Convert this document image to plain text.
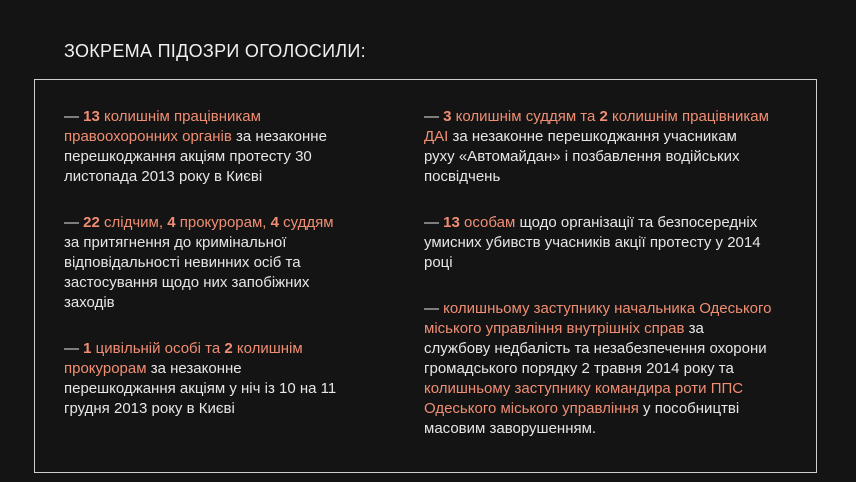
ЗОКРЕМА ПІДОЗРИ ОГОЛОСИЛИ:
— 13 колишнім працівникам
правоохоронних органів за незаконне
перешкоджання акціям протесту 30
листопада 2013 року в Києві
— 22 слідчим, 4 прокурорам, 4 суддям
за притягнення до кримінальної
відповідальності невинних осіб та
застосування щодо них запобіжних
заходів
— 1 цивільній особі та 2 колишнім
прокурорам за незаконне
перешкоджання акціям у ніч із 10 на 11
грудня 2013 року в Києві
— 3 колишнім суддям та 2 колишнім працівникам
ДАІ за незаконне перешкоджання учасникам
руху «Автомайдан» і позбавлення водійських
посвідчень
— 13 особам щодо організації та безпосередніх
умисних убивств учасників акції протесту у 2014
році
— колишньому заступнику начальника Одеського
міського управління внутрішніх справ за
службову недбалість та незабезпечення охорони
громадського порядку 2 травня 2014 року та
колишньому заступнику командира роти ППС
Одеського міського управління у пособництві
масовим заворушенням.
